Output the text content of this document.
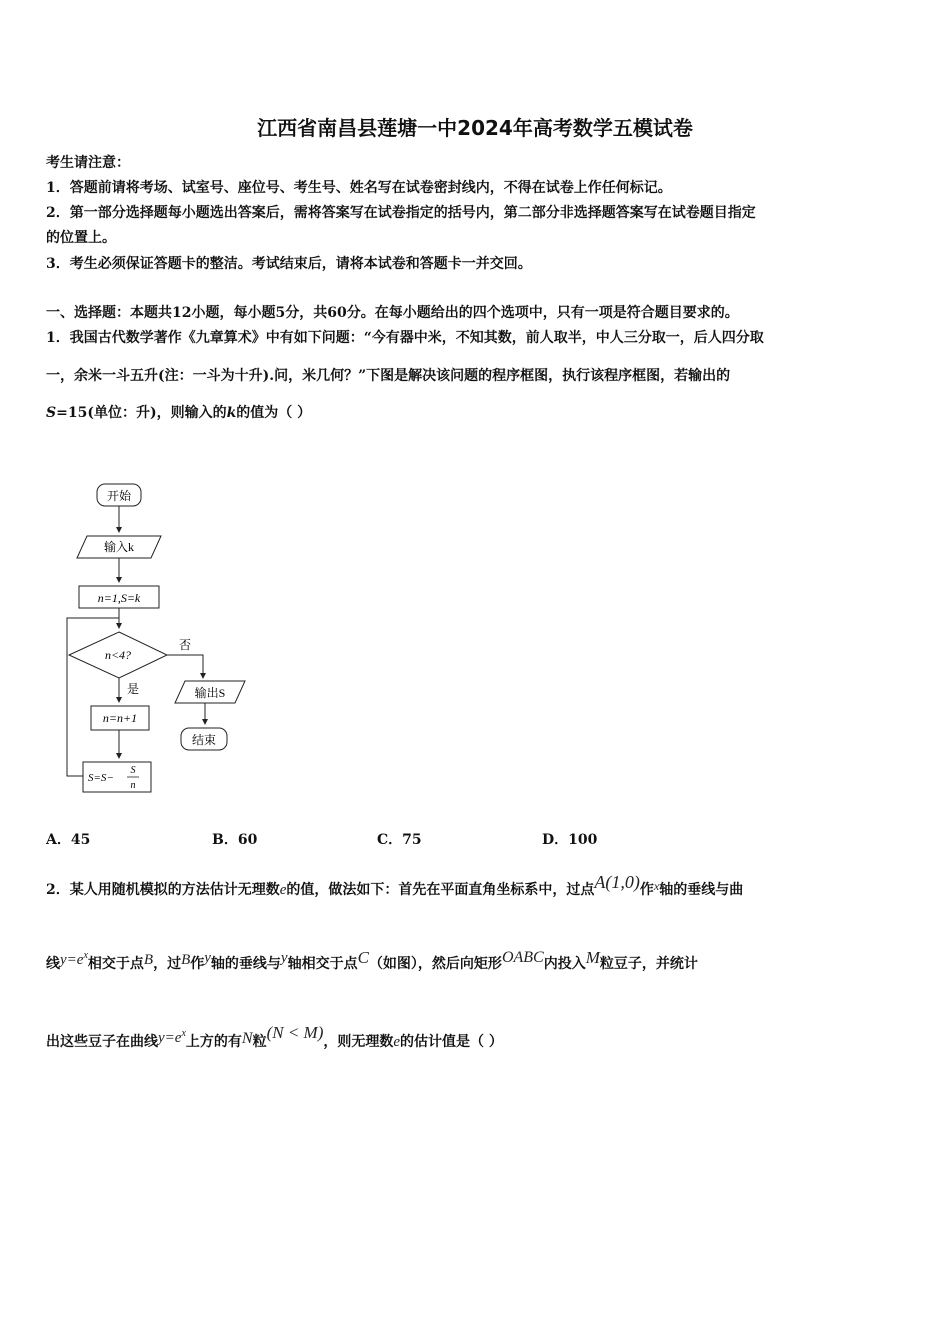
江西省南昌县莲塘一中2024年高考数学五模试卷
考生请注意：
1．答题前请将考场、试室号、座位号、考生号、姓名写在试卷密封线内，不得在试卷上作任何标记。
2．第一部分选择题每小题选出答案后，需将答案写在试卷指定的括号内，第二部分非选择题答案写在试卷题目指定
的位置上。
3．考生必须保证答题卡的整洁。考试结束后，请将本试卷和答题卡一并交回。
一、选择题：本题共12小题，每小题5分，共60分。在每小题给出的四个选项中，只有一项是符合题目要求的。
1．我国古代数学著作《九章算术》中有如下问题：“今有器中米，不知其数，前人取半，中人三分取一，后人四分取
一，余米一斗五升(注：一斗为十升).问，米几何？”下图是解决该问题的程序框图，执行该程序框图，若输出的
S=15(单位：升)，则输入的k的值为（ ）
开始
输入k
n=1,S=k
n<4?
否
输出S
结束
是
n=n+1
S=S−
S
n
A．45	B．60	C．75	D．100
2．某人用随机模拟的方法估计无理数e的值，做法如下：首先在平面直角坐标系中，过点A(1,0)作x轴的垂线与曲
线$y=e^x$相交于点B，过B作y轴的垂线与y轴相交于点C（如图），然后向矩形OABC内投入M粒豆子，并统计
出这些豆子在曲线$y=e^x$上方的有N粒(N < M)，则无理数e的估计值是（ ）
